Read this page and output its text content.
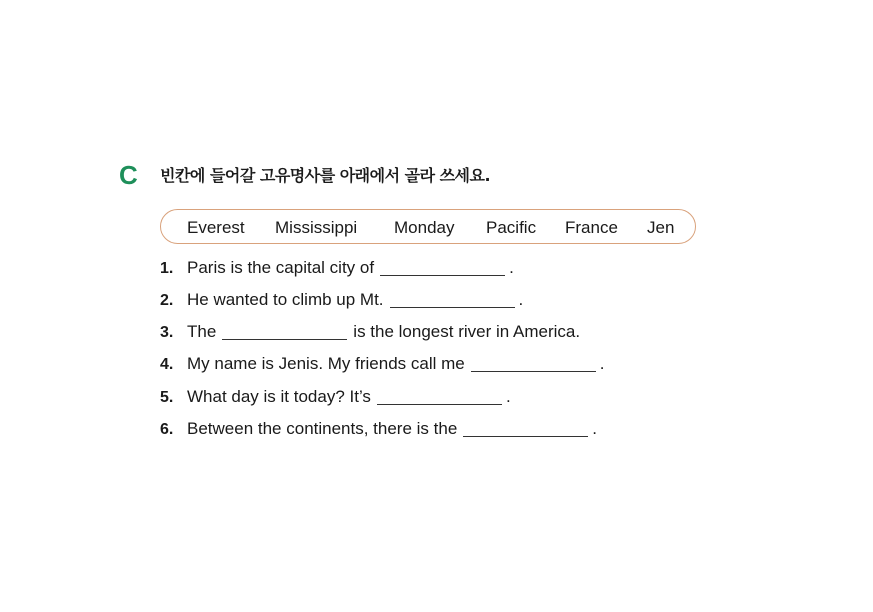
C 빈칸에 들어갈 고유명사를 아래에서 골라 쓰세요.
Everest Mississippi Monday Pacific France Jen
1. Paris is the capital city of	.
2. He wanted to climb up Mt.	.
3. The	is the longest river in America.
4. My name is Jenis. My friends call me	.
5. What day is it today? It’s	.
6. Between the continents, there is the	.
